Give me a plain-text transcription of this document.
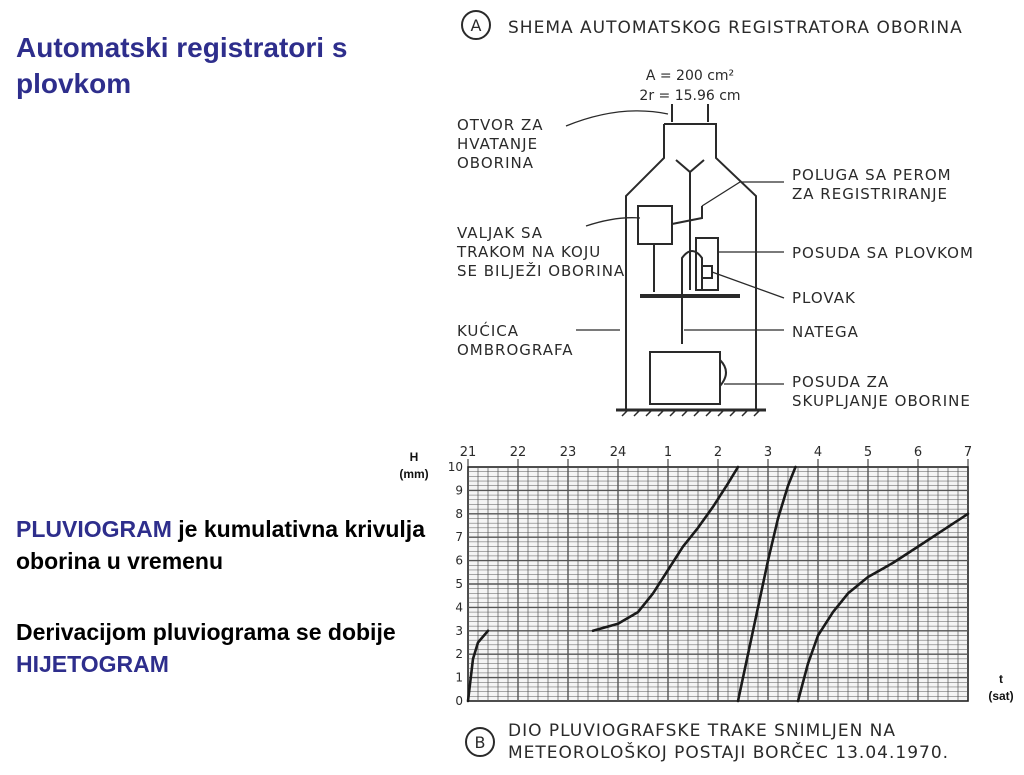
Automatski registratori s plovkom
PLUVIOGRAM je kumulativna krivulja oborina u vremenu
Derivacijom pluviograma se dobije HIJETOGRAM
A SHEMA AUTOMATSKOG REGISTRATORA OBORINA
A = 200 cm²
2r = 15.96 cm
OTVOR ZA
HVATANJE
OBORINA
VALJAK SA
TRAKOM NA KOJU
SE BILJEŽI OBORINA
KUĆICA
OMBROGRAFA
POLUGA SA PEROM
ZA REGISTRIRANJE
POSUDA SA PLOVKOM
PLOVAK
NATEGA
POSUDA ZA
SKUPLJANJE OBORINE
21	22	23	24	1	2	3	4	5	6	7
0
1
2
3
4
5
6
7
8
9
10
H
(mm)
t
(sat)
B
DIO PLUVIOGRAFSKE TRAKE SNIMLJEN NA
METEOROLOŠKOJ POSTAJI BORČEC 13.04.1970.
